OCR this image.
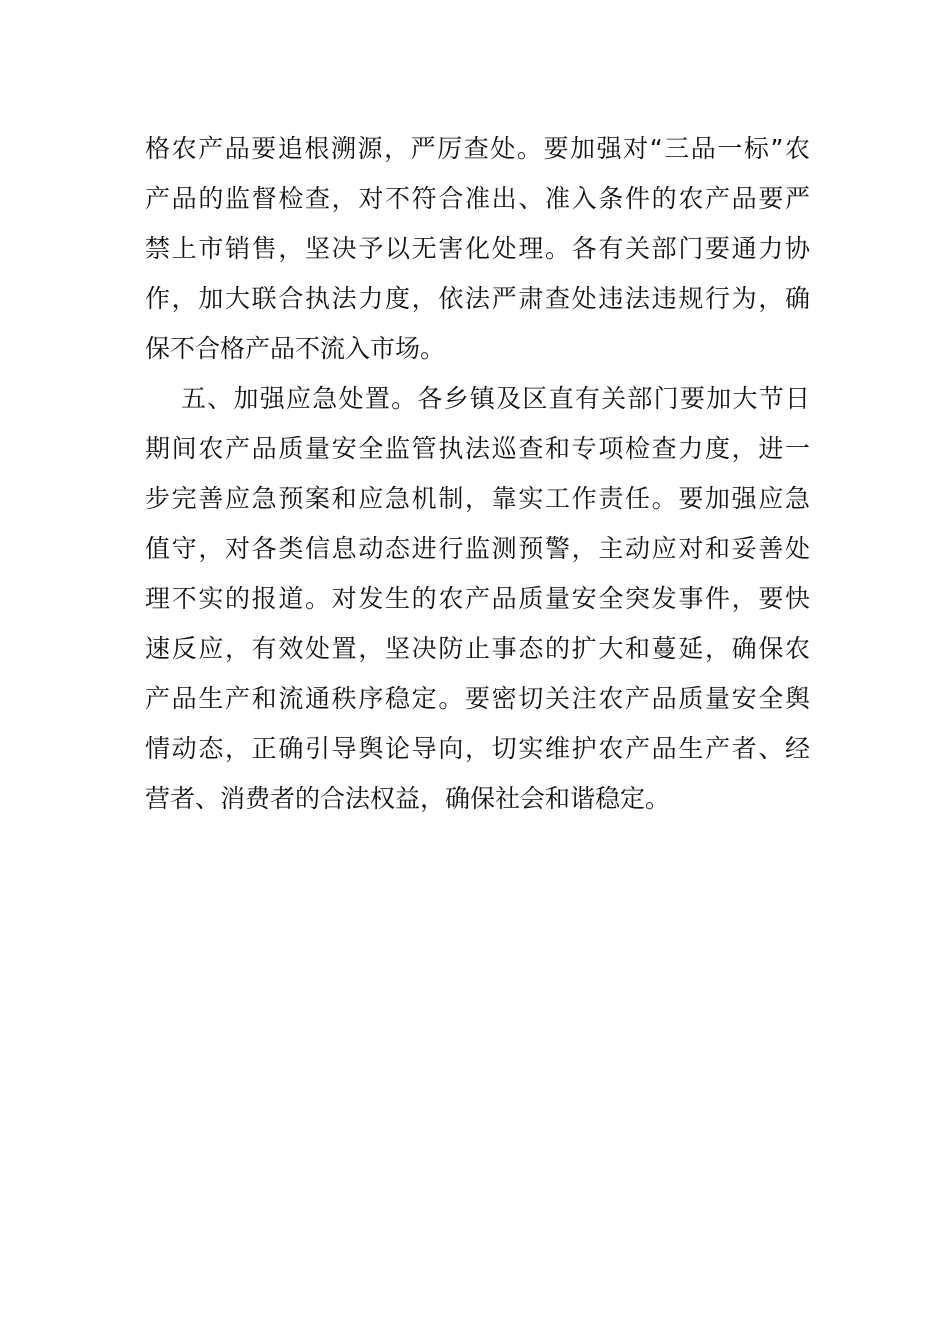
格农产品要追根溯源，严厉查处。要加强对“三品一标”农
产品的监督检查，对不符合准出、准入条件的农产品要严
禁上市销售，坚决予以无害化处理。各有关部门要通力协
作，加大联合执法力度，依法严肃查处违法违规行为，确
保不合格产品不流入市场。
五、加强应急处置。各乡镇及区直有关部门要加大节日
期间农产品质量安全监管执法巡查和专项检查力度，进一
步完善应急预案和应急机制，靠实工作责任。要加强应急
值守，对各类信息动态进行监测预警，主动应对和妥善处
理不实的报道。对发生的农产品质量安全突发事件，要快
速反应，有效处置，坚决防止事态的扩大和蔓延，确保农
产品生产和流通秩序稳定。要密切关注农产品质量安全舆
情动态，正确引导舆论导向，切实维护农产品生产者、经
营者、消费者的合法权益，确保社会和谐稳定。
